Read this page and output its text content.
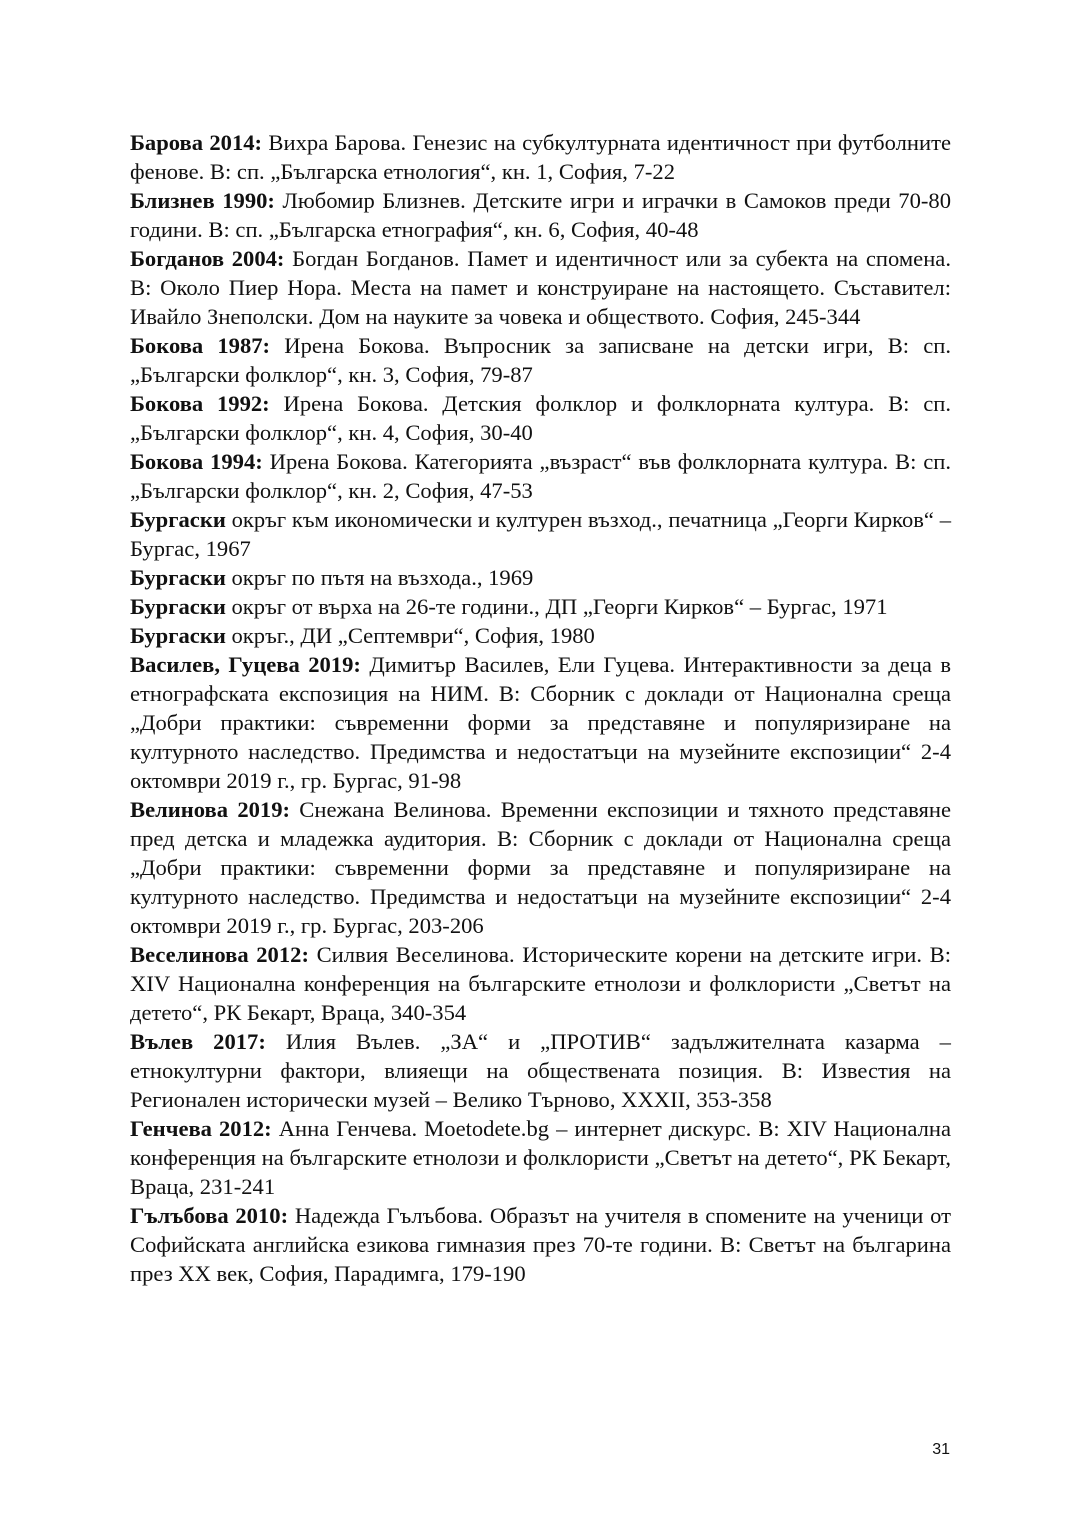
Барова 2014: Вихра Барова. Генезис на субкултурната идентичност при футболните фенове. В: сп. „Българска етнология“, кн. 1, София, 7-22

Близнев 1990: Любомир Близнев. Детските игри и играчки в Самоков преди 70-80 години. В: сп. „Българска етнография“, кн. 6, София, 40-48

Богданов 2004: Богдан Богданов. Памет и идентичност или за субекта на спомена. В: Около Пиер Нора. Места на памет и конструиране на настоящето. Съставител: Ивайло Знеполски. Дом на науките за човека и обществото. София, 245-344

Бокова 1987: Ирена Бокова. Въпросник за записване на детски игри, В: сп. „Български фолклор“, кн. 3, София, 79-87

Бокова 1992: Ирена Бокова. Детския фолклор и фолклорната култура. В: сп. „Български фолклор“, кн. 4, София, 30-40

Бокова 1994: Ирена Бокова. Категорията „възраст“ във фолклорната култура. В: сп. „Български фолклор“, кн. 2, София, 47-53

Бургаски окръг към икономически и културен възход., печатница „Георги Кирков“ – Бургас, 1967

Бургаски окръг по пътя на възхода., 1969

Бургаски окръг от върха на 26-те години., ДП „Георги Кирков“ – Бургас, 1971

Бургаски окръг., ДИ „Септември“, София, 1980

Василев, Гуцева 2019: Димитър Василев, Ели Гуцева. Интерактивности за деца в етнографската експозиция на НИМ. В: Сборник с доклади от Национална среща „Добри практики: съвременни форми за представяне и популяризиране на културното наследство. Предимства и недостатъци на музейните експозиции“ 2-4 октомври 2019 г., гр. Бургас, 91-98

Велинова 2019: Снежана Велинова. Временни експозиции и тяхното представяне пред детска и младежка аудитория. В: Сборник с доклади от Национална среща „Добри практики: съвременни форми за представяне и популяризиране на културното наследство. Предимства и недостатъци на музейните експозиции“ 2-4 октомври 2019 г., гр. Бургас, 203-206

Веселинова 2012: Силвия Веселинова. Историческите корени на детските игри. В: XIV Национална конференция на българските етнолози и фолклористи „Светът на детето“, РК Бекарт, Враца, 340-354

Вълев 2017: Илия Вълев. „ЗА“ и „ПРОТИВ“ задължителната казарма – етнокултурни фактори, влияещи на обществената позиция. В: Известия на Регионален исторически музей – Велико Търново, XXXII, 353-358

Генчева 2012: Анна Генчева. Moetodete.bg – интернет дискурс. В: XIV Национална конференция на българските етнолози и фолклористи „Светът на детето“, РК Бекарт, Враца, 231-241

Гълъбова 2010: Надежда Гълъбова. Образът на учителя в спомените на ученици от Софийската английска езикова гимназия през 70-те години. В: Светът на българина през XX век, София, Парадимга, 179-190

31
